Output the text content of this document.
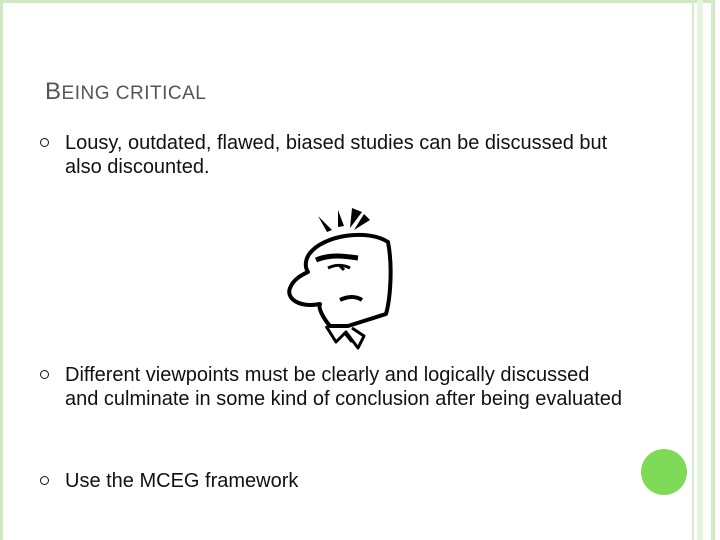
BEING CRITICAL
Lousy, outdated, flawed, biased studies can be discussed but also discounted.
Different viewpoints must be clearly and logically discussed and culminate in some kind of conclusion after being evaluated
Use the MCEG framework
